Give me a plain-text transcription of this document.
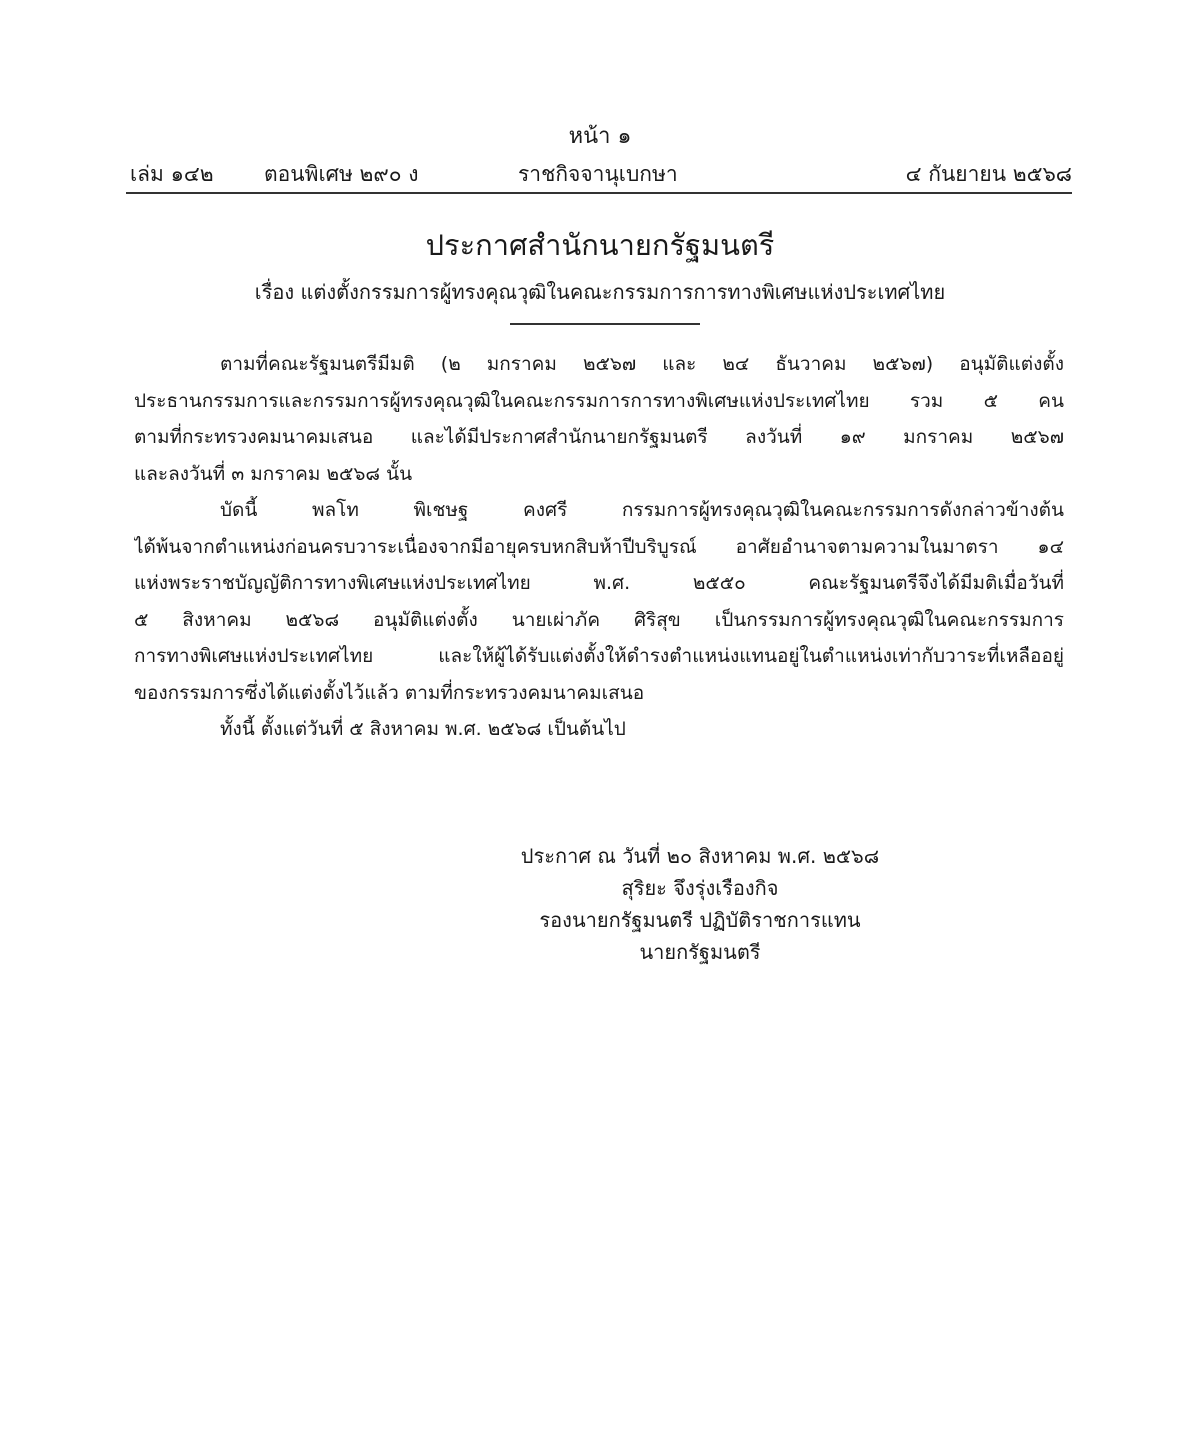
หน้า ๑
เล่ม ๑๔๒ ตอนพิเศษ ๒๙๐ ง	ราชกิจจานุเบกษา	๔ กันยายน ๒๕๖๘
ประกาศสำนักนายกรัฐมนตรี
เรื่อง แต่งตั้งกรรมการผู้ทรงคุณวุฒิในคณะกรรมการการทางพิเศษแห่งประเทศไทย
ตามที่คณะรัฐมนตรีมีมติ (๒ มกราคม ๒๕๖๗ และ ๒๔ ธันวาคม ๒๕๖๗) อนุมัติแต่งตั้ง
ประธานกรรมการและกรรมการผู้ทรงคุณวุฒิในคณะกรรมการการทางพิเศษแห่งประเทศไทย รวม ๕ คน
ตามที่กระทรวงคมนาคมเสนอ และได้มีประกาศสำนักนายกรัฐมนตรี ลงวันที่ ๑๙ มกราคม ๒๕๖๗
และลงวันที่ ๓ มกราคม ๒๕๖๘ นั้น
บัดนี้ พลโท พิเชษฐ คงศรี กรรมการผู้ทรงคุณวุฒิในคณะกรรมการดังกล่าวข้างต้น
ได้พ้นจากตำแหน่งก่อนครบวาระเนื่องจากมีอายุครบหกสิบห้าปีบริบูรณ์ อาศัยอำนาจตามความในมาตรา ๑๔
แห่งพระราชบัญญัติการทางพิเศษแห่งประเทศไทย พ.ศ. ๒๕๕๐ คณะรัฐมนตรีจึงได้มีมติเมื่อวันที่
๕ สิงหาคม ๒๕๖๘ อนุมัติแต่งตั้ง นายเผ่าภัค ศิริสุข เป็นกรรมการผู้ทรงคุณวุฒิในคณะกรรมการ
การทางพิเศษแห่งประเทศไทย และให้ผู้ได้รับแต่งตั้งให้ดำรงตำแหน่งแทนอยู่ในตำแหน่งเท่ากับวาระที่เหลืออยู่
ของกรรมการซึ่งได้แต่งตั้งไว้แล้ว ตามที่กระทรวงคมนาคมเสนอ
ทั้งนี้ ตั้งแต่วันที่ ๕ สิงหาคม พ.ศ. ๒๕๖๘ เป็นต้นไป
ประกาศ ณ วันที่ ๒๐ สิงหาคม พ.ศ. ๒๕๖๘
สุริยะ จึงรุ่งเรืองกิจ
รองนายกรัฐมนตรี ปฏิบัติราชการแทน
นายกรัฐมนตรี
